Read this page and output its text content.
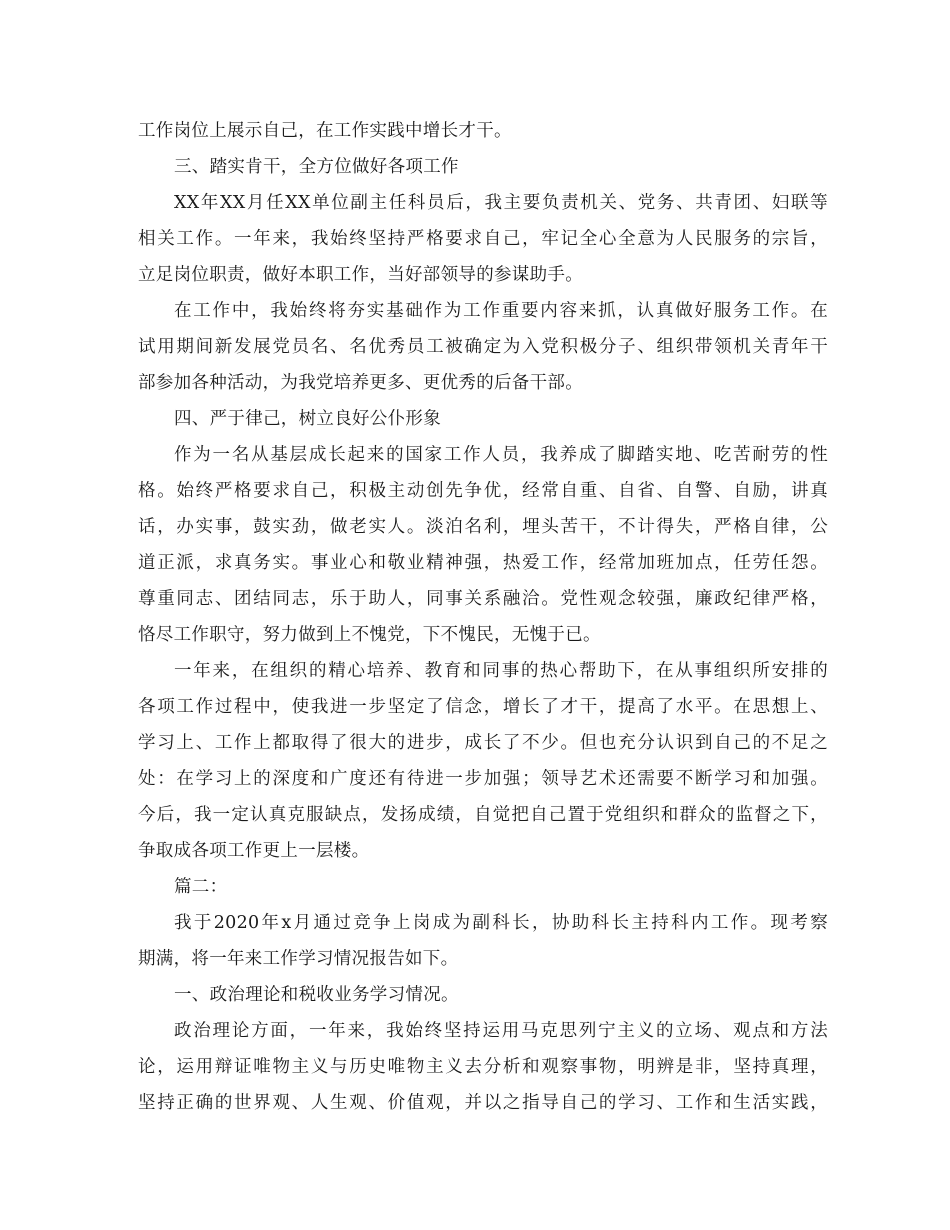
工作岗位上展示自己，在工作实践中增长才干。
三、踏实肯干，全方位做好各项工作
XX年XX月任XX单位副主任科员后，我主要负责机关、党务、共青团、妇联等
相关工作。一年来，我始终坚持严格要求自己，牢记全心全意为人民服务的宗旨，
立足岗位职责，做好本职工作，当好部领导的参谋助手。
在工作中，我始终将夯实基础作为工作重要内容来抓，认真做好服务工作。在
试用期间新发展党员名、名优秀员工被确定为入党积极分子、组织带领机关青年干
部参加各种活动，为我党培养更多、更优秀的后备干部。
四、严于律己，树立良好公仆形象
作为一名从基层成长起来的国家工作人员，我养成了脚踏实地、吃苦耐劳的性
格。始终严格要求自己，积极主动创先争优，经常自重、自省、自警、自励，讲真
话，办实事，鼓实劲，做老实人。淡泊名利，埋头苦干，不计得失，严格自律，公
道正派，求真务实。事业心和敬业精神强，热爱工作，经常加班加点，任劳任怨。
尊重同志、团结同志，乐于助人，同事关系融洽。党性观念较强，廉政纪律严格，
恪尽工作职守，努力做到上不愧党，下不愧民，无愧于已。
一年来，在组织的精心培养、教育和同事的热心帮助下，在从事组织所安排的
各项工作过程中，使我进一步坚定了信念，增长了才干，提高了水平。在思想上、
学习上、工作上都取得了很大的进步，成长了不少。但也充分认识到自己的不足之
处：在学习上的深度和广度还有待进一步加强；领导艺术还需要不断学习和加强。
今后，我一定认真克服缺点，发扬成绩，自觉把自己置于党组织和群众的监督之下，
争取成各项工作更上一层楼。
篇二：
我于2020年x月通过竞争上岗成为副科长，协助科长主持科内工作。现考察
期满，将一年来工作学习情况报告如下。
一、政治理论和税收业务学习情况。
政治理论方面，一年来，我始终坚持运用马克思列宁主义的立场、观点和方法
论，运用辩证唯物主义与历史唯物主义去分析和观察事物，明辨是非，坚持真理，
坚持正确的世界观、人生观、价值观，并以之指导自己的学习、工作和生活实践，
